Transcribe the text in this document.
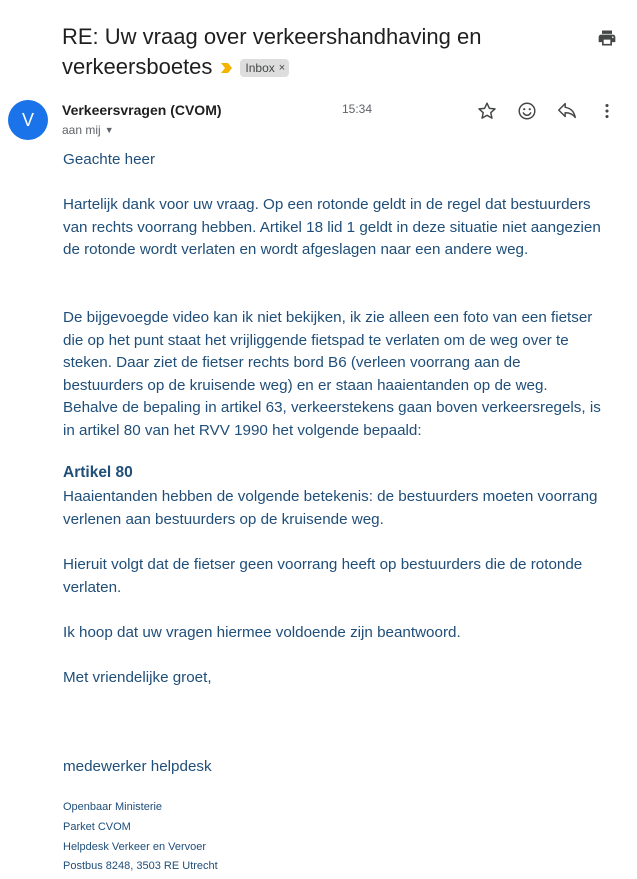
RE: Uw vraag over verkeershandhaving en verkeersboetes	Inbox ×
V	Verkeersvragen (CVOM)	15:34
aan mij ▼
Geachte heer
Hartelijk dank voor uw vraag. Op een rotonde geldt in de regel dat bestuurders van rechts voorrang hebben. Artikel 18 lid 1 geldt in deze situatie niet aangezien de rotonde wordt verlaten en wordt afgeslagen naar een andere weg.
De bijgevoegde video kan ik niet bekijken, ik zie alleen een foto van een fietser die op het punt staat het vrijliggende fietspad te verlaten om de weg over te steken. Daar ziet de fietser rechts bord B6 (verleen voorrang aan de bestuurders op de kruisende weg) en er staan haaientanden op de weg. Behalve de bepaling in artikel 63, verkeerstekens gaan boven verkeersregels, is in artikel 80 van het RVV 1990 het volgende bepaald:
Artikel 80
Haaientanden hebben de volgende betekenis: de bestuurders moeten voorrang verlenen aan bestuurders op de kruisende weg.
Hieruit volgt dat de fietser geen voorrang heeft op bestuurders die de rotonde verlaten.
Ik hoop dat uw vragen hiermee voldoende zijn beantwoord.
Met vriendelijke groet,
medewerker helpdesk
Openbaar Ministerie
Parket CVOM
Helpdesk Verkeer en Vervoer
Postbus 8248, 3503 RE Utrecht
